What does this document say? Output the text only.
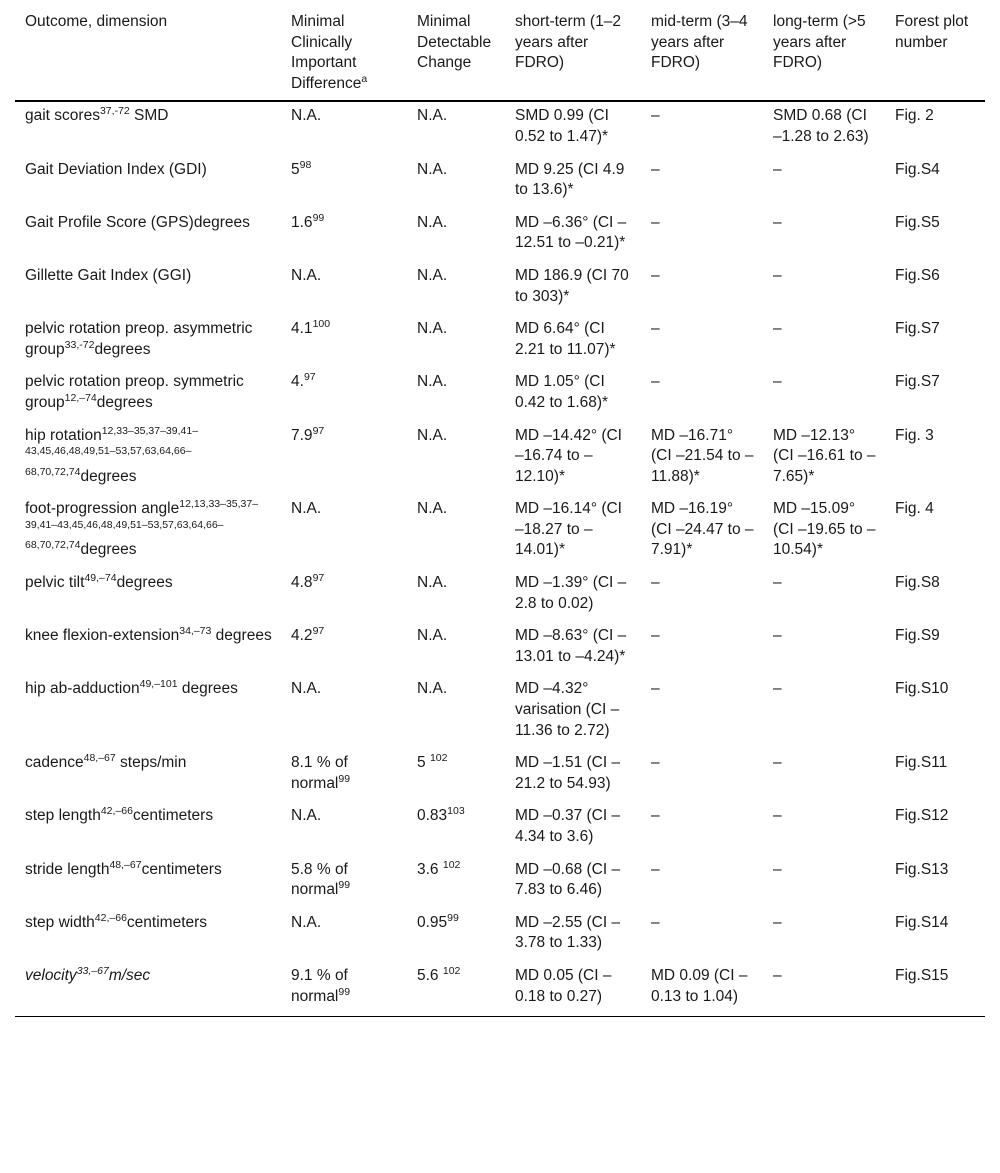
Outcome, dimension	Minimal Clinically Important Difference$^a$	Minimal Detectable Change	short-term (1–2 years after FDRO)	mid-term (3–4 years after FDRO)	long-term (>5 years after FDRO)	Forest plot number
gait scores$^{37,-72}$ SMD	N.A.	N.A.	SMD 0.99 (CI 0.52 to 1.47)*	–	SMD 0.68 (CI –1.28 to 2.63)	Fig. 2
Gait Deviation Index (GDI)	$5^{98}$	N.A.	MD 9.25 (CI 4.9 to 13.6)*	–	–	Fig.S4
Gait Profile Score (GPS)degrees	$1.6^{99}$	N.A.	MD –6.36° (CI –12.51 to –0.21)*	–	–	Fig.S5
Gillette Gait Index (GGI)	N.A.	N.A.	MD 186.9 (CI 70 to 303)*	–	–	Fig.S6
pelvic rotation preop. asymmetric group$^{33,-72}$degrees	$4.1^{100}$	N.A.	MD 6.64° (CI 2.21 to 11.07)*	–	–	Fig.S7
pelvic rotation preop. symmetric group$^{12,-74}$degrees	4.97	N.A.	MD 1.05° (CI 0.42 to 1.68)*	–	–	Fig.S7
hip rotation$^{12,33-35,37-39,41-43,45,46,48,49,51-53,57,63,64,66-68,70,72,74}$degrees	$7.9^{97}$	N.A.	MD –14.42° (CI –16.74 to –12.10)*	MD –16.71° (CI –21.54 to –11.88)*	MD –12.13° (CI –16.61 to –7.65)*	Fig. 3
foot-progression angle$^{12,13,33-35,37-39,41-43,45,46,48,49,51-53,57,63,64,66-68,70,72,74}$degrees	N.A.	N.A.	MD –16.14° (CI –18.27 to –14.01)*	MD –16.19° (CI –24.47 to –7.91)*	MD –15.09° (CI –19.65 to –10.54)*	Fig. 4
pelvic tilt$^{49,-74}$degrees	$4.8^{97}$	N.A.	MD –1.39° (CI –2.8 to 0.02)	–	–	Fig.S8
knee flexion-extension$^{34,-73}$ degrees	$4.2^{97}$	N.A.	MD –8.63° (CI –13.01 to –4.24)*	–	–	Fig.S9
hip ab-adduction$^{49,-101}$ degrees	N.A.	N.A.	MD –4.32° varisation (CI –11.36 to 2.72)	–	–	Fig.S10
cadence$^{48,-67}$ steps/min	8.1 % of normal$^{99}$	5 $^{102}$	MD –1.51 (CI –21.2 to 54.93)	–	–	Fig.S11
step length$^{42,-66}$centimeters	N.A.	0.83$^{103}$	MD –0.37 (CI –4.34 to 3.6)	–	–	Fig.S12
stride length$^{48,-67}$centimeters	5.8 % of normal$^{99}$	3.6 $^{102}$	MD –0.68 (CI –7.83 to 6.46)	–	–	Fig.S13
step width$^{42,-66}$centimeters	N.A.	0.95$^{99}$	MD –2.55 (CI –3.78 to 1.33)	–	–	Fig.S14
velocity$^{33,-67}$m/sec	9.1 % of normal$^{99}$	5.6 $^{102}$	MD 0.05 (CI –0.18 to 0.27)	MD 0.09 (CI –0.13 to 1.04)	–	Fig.S15
